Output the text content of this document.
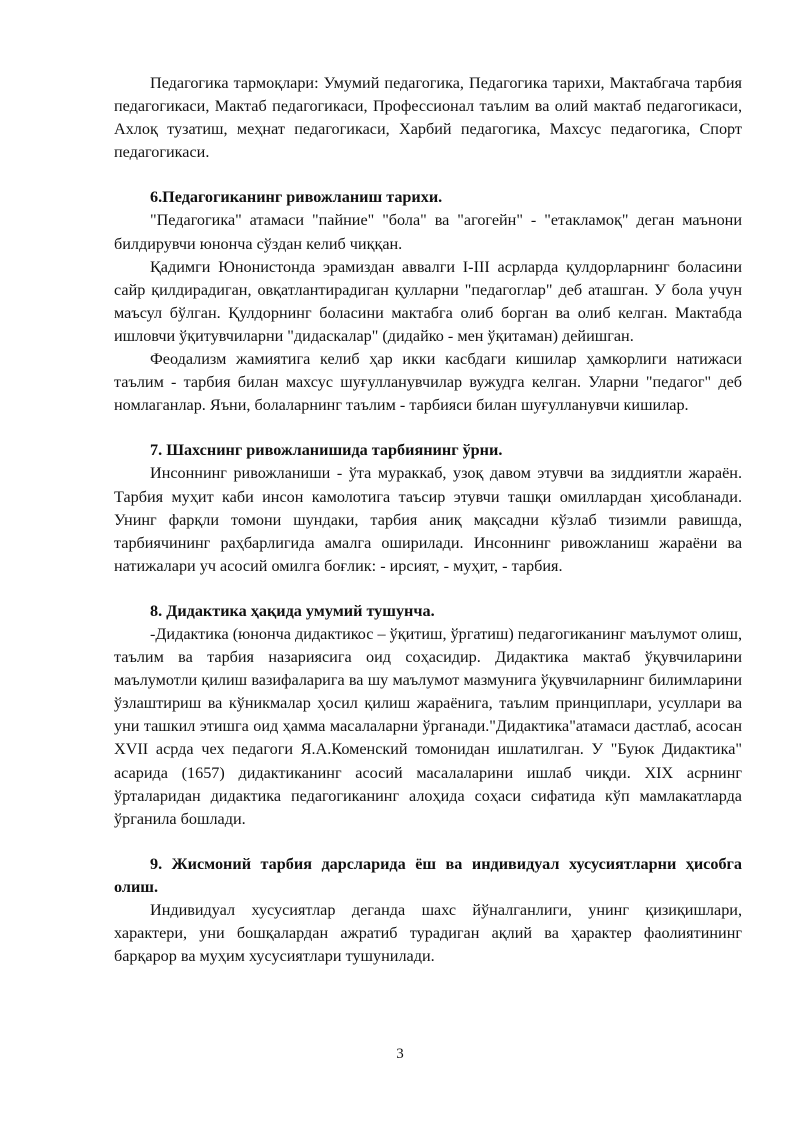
Педагогика тармоқлари: Умумий педагогика, Педагогика тарихи, Мактабгача тарбия педагогикаси, Мактаб педагогикаси, Профессионал таълим ва олий мактаб педагогикаси, Ахлоқ тузатиш, меҳнат педагогикаси, Харбий педагогика, Махсус педагогика, Спорт педагогикаси.

6.Педагогиканинг ривожланиш тарихи.

"Педагогика" атамаси "пайние" "бола" ва "агогейн" - "етакламоқ" деган маънони билдирувчи юнонча сўздан келиб чиққан.

Қадимги Юнонистонда эрамиздан аввалги I-III асрларда қулдорларнинг боласини сайр қилдирадиган, овқатлантирадиган қулларни "педагоглар" деб аташган. У бола учун маъсул бўлган. Қулдорнинг боласини мактабга олиб борган ва олиб келган. Мактабда ишловчи ўқитувчиларни "дидаскалар" (дидайко - мен ўқитаман) дейишган.

Феодализм жамиятига келиб ҳар икки касбдаги кишилар ҳамкорлиги натижаси таълим - тарбия билан махсус шуғулланувчилар вужудга келган. Уларни "педагог" деб номлаганлар. Яъни, болаларнинг таълим - тарбияси билан шуғулланувчи кишилар.

7. Шахснинг ривожланишида тарбиянинг ўрни.

Инсоннинг ривожланиши - ўта мураккаб, узоқ давом этувчи ва зиддиятли жараён. Тарбия муҳит каби инсон камолотига таъсир этувчи ташқи омиллардан ҳисобланади. Унинг фарқли томони шундаки, тарбия аниқ мақсадни кўзлаб тизимли равишда, тарбиячининг раҳбарлигида амалга оширилади. Инсоннинг ривожланиш жараёни ва натижалари уч асосий омилга боғлик: - ирсият, - муҳит, - тарбия.

8. Дидактика ҳақида умумий тушунча.

-Дидактика (юнонча дидактикос – ўқитиш, ўргатиш) педагогиканинг маълумот олиш, таълим ва тарбия назариясига оид соҳасидир. Дидактика мактаб ўқувчиларини маълумотли қилиш вазифаларига ва шу маълумот мазмунига ўқувчиларнинг билимларини ўзлаштириш ва кўникмалар ҳосил қилиш жараёнига, таълим принциплари, усуллари ва уни ташкил этишга оид ҳамма масалаларни ўрганади."Дидактика"атамаси дастлаб, асосан XVII асрда чех педагоги Я.А.Коменский томонидан ишлатилган. У "Буюк Дидактика" асарида (1657) дидактиканинг асосий масалаларини ишлаб чиқди. XIX асрнинг ўрталаридан дидактика педагогиканинг алоҳида соҳаси сифатида кўп мамлакатларда ўрганила бошлади.

9. Жисмоний тарбия дарсларида ёш ва индивидуал хусусиятларни ҳисобга олиш.

Индивидуал хусусиятлар деганда шахс йўналганлиги, унинг қизиқишлари, характери, уни бошқалардан ажратиб турадиган ақлий ва ҳарактер фаолиятининг барқарор ва муҳим хусусиятлари тушунилади.

3
